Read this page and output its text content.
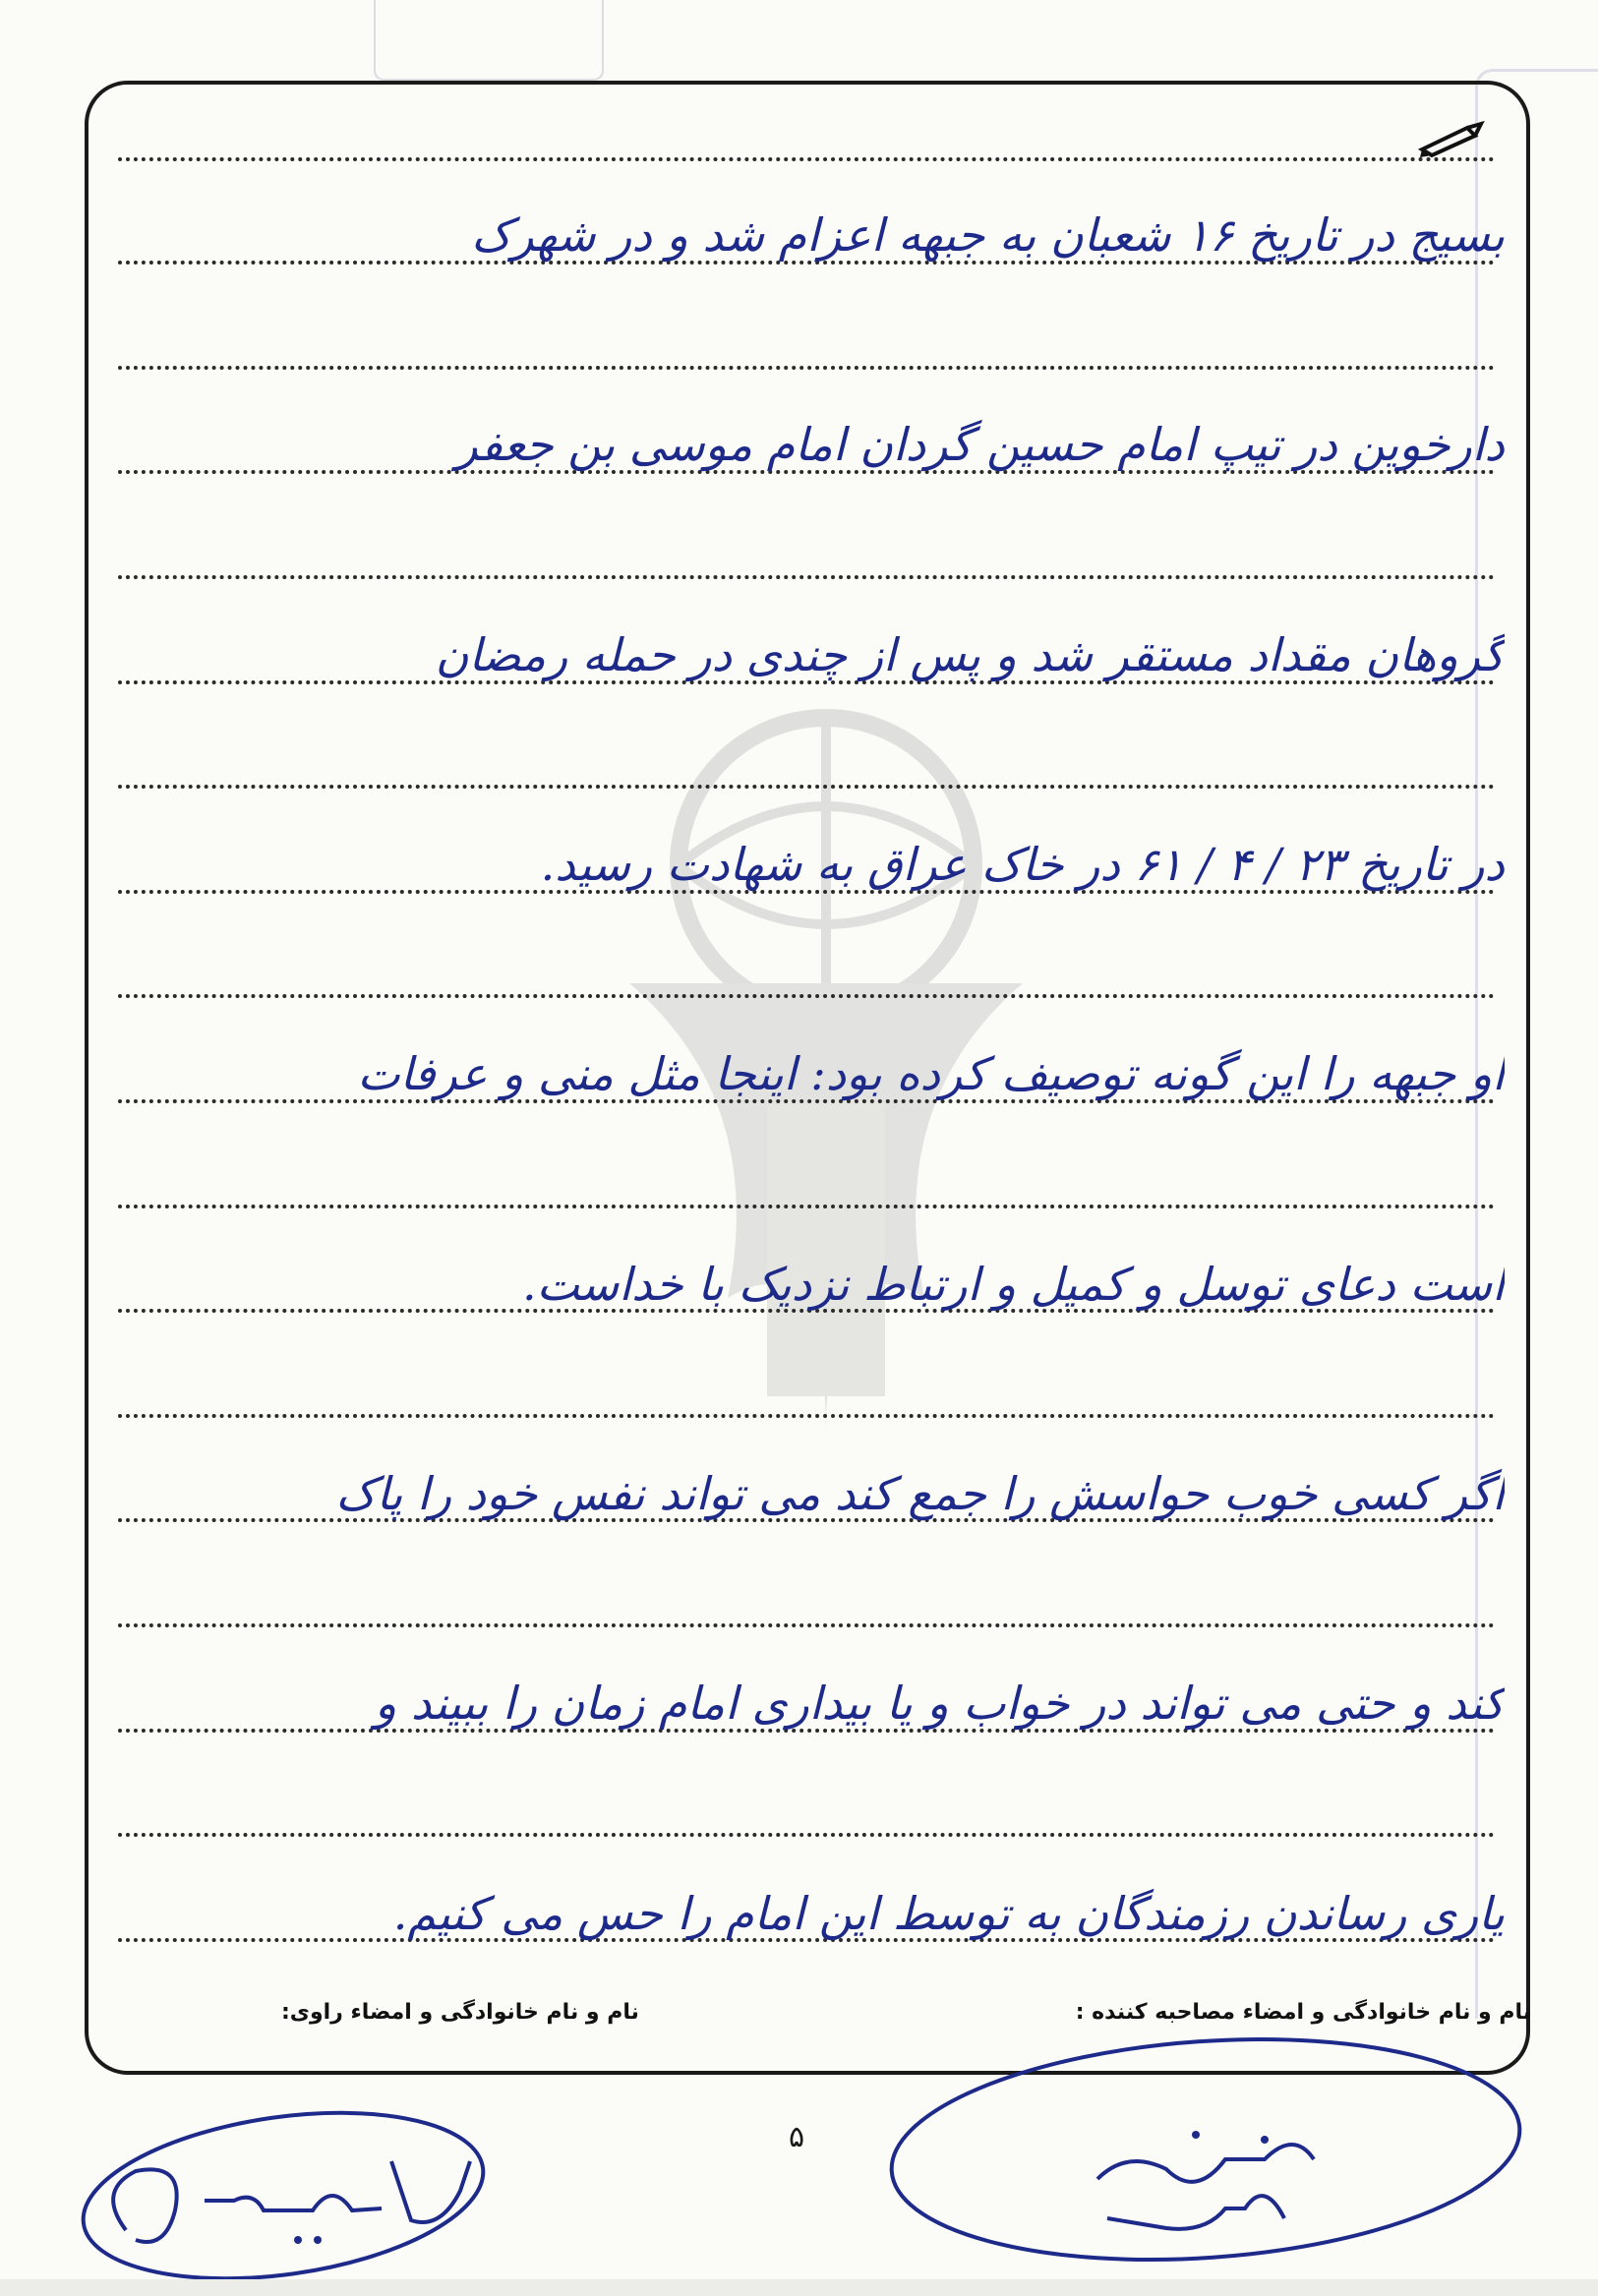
بسیج در تاریخ ۱۶ شعبان به جبهه اعزام شد و در شهرک
دارخوین در تیپ امام حسین گردان امام موسی بن جعفر
گروهان مقداد مستقر شد و پس از چندی در حمله رمضان
در تاریخ ۲۳ / ۴ / ۶۱ در خاک عراق به شهادت رسید.
او جبهه را این گونه توصیف کرده بود: اینجا مثل منی و عرفات
است دعای توسل و کمیل و ارتباط نزدیک با خداست.
اگر کسی خوب حواسش را جمع کند می تواند نفس خود را پاک
کند و حتی می تواند در خواب و یا بیداری امام زمان را ببیند و
یاری رساندن رزمندگان به توسط این امام را حس می کنیم.
نام و نام خانوادگی و امضاء مصاحبه کننده :
نام و نام خانوادگی و امضاء راوی:
۵
